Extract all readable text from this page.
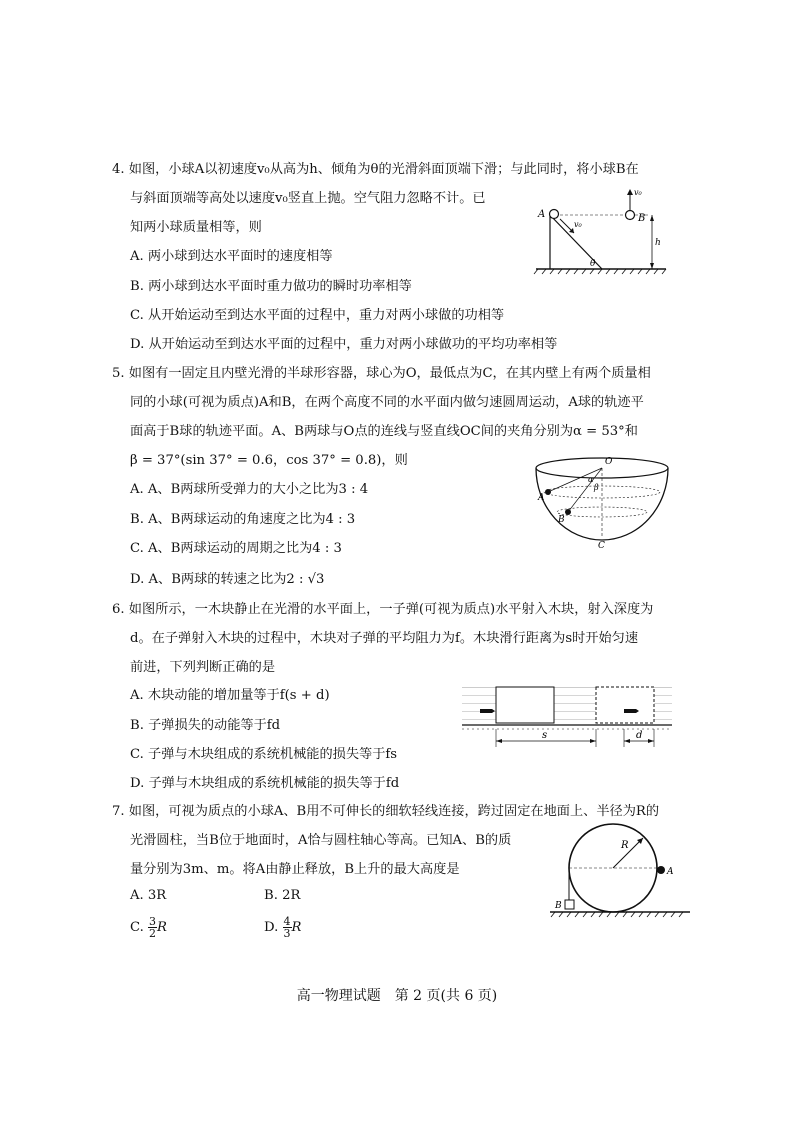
4. 如图，小球A以初速度v₀从高为h、倾角为θ的光滑斜面顶端下滑；与此同时，将小球B在
与斜面顶端等高处以速度v₀竖直上抛。空气阻力忽略不计。已
知两小球质量相等，则
A. 两小球到达水平面时的速度相等
B. 两小球到达水平面时重力做功的瞬时功率相等
C. 从开始运动至到达水平面的过程中，重力对两小球做的功相等
D. 从开始运动至到达水平面的过程中，重力对两小球做功的平均功率相等
A	B
v₀
v₀
h
θ
5. 如图有一固定且内壁光滑的半球形容器，球心为O，最低点为C，在其内壁上有两个质量相
同的小球(可视为质点)A和B，在两个高度不同的水平面内做匀速圆周运动，A球的轨迹平
面高于B球的轨迹平面。A、B两球与O点的连线与竖直线OC间的夹角分别为α = 53°和
β = 37°(sin 37° = 0.6，cos 37° = 0.8)，则
A. A、B两球所受弹力的大小之比为3 : 4
B. A、B两球运动的角速度之比为4 : 3
C. A、B两球运动的周期之比为4 : 3
D. A、B两球的转速之比为2 : √3
O
A
B
C
α
β
6. 如图所示，一木块静止在光滑的水平面上，一子弹(可视为质点)水平射入木块，射入深度为
d。在子弹射入木块的过程中，木块对子弹的平均阻力为f。木块滑行距离为s时开始匀速
前进，下列判断正确的是
A. 木块动能的增加量等于f(s + d)
B. 子弹损失的动能等于fd
C. 子弹与木块组成的系统机械能的损失等于fs
D. 子弹与木块组成的系统机械能的损失等于fd
s	d
7. 如图，可视为质点的小球A、B用不可伸长的细软轻线连接，跨过固定在地面上、半径为R的
光滑圆柱，当B位于地面时，A恰与圆柱轴心等高。已知A、B的质
量分别为3m、m。将A由静止释放，B上升的最大高度是
A. 3R	B. 2R
C. $\frac{3}{2}$ R	D. $\frac{4}{3}$ R
R
A
B
高一物理试题　第 2 页(共 6 页)
